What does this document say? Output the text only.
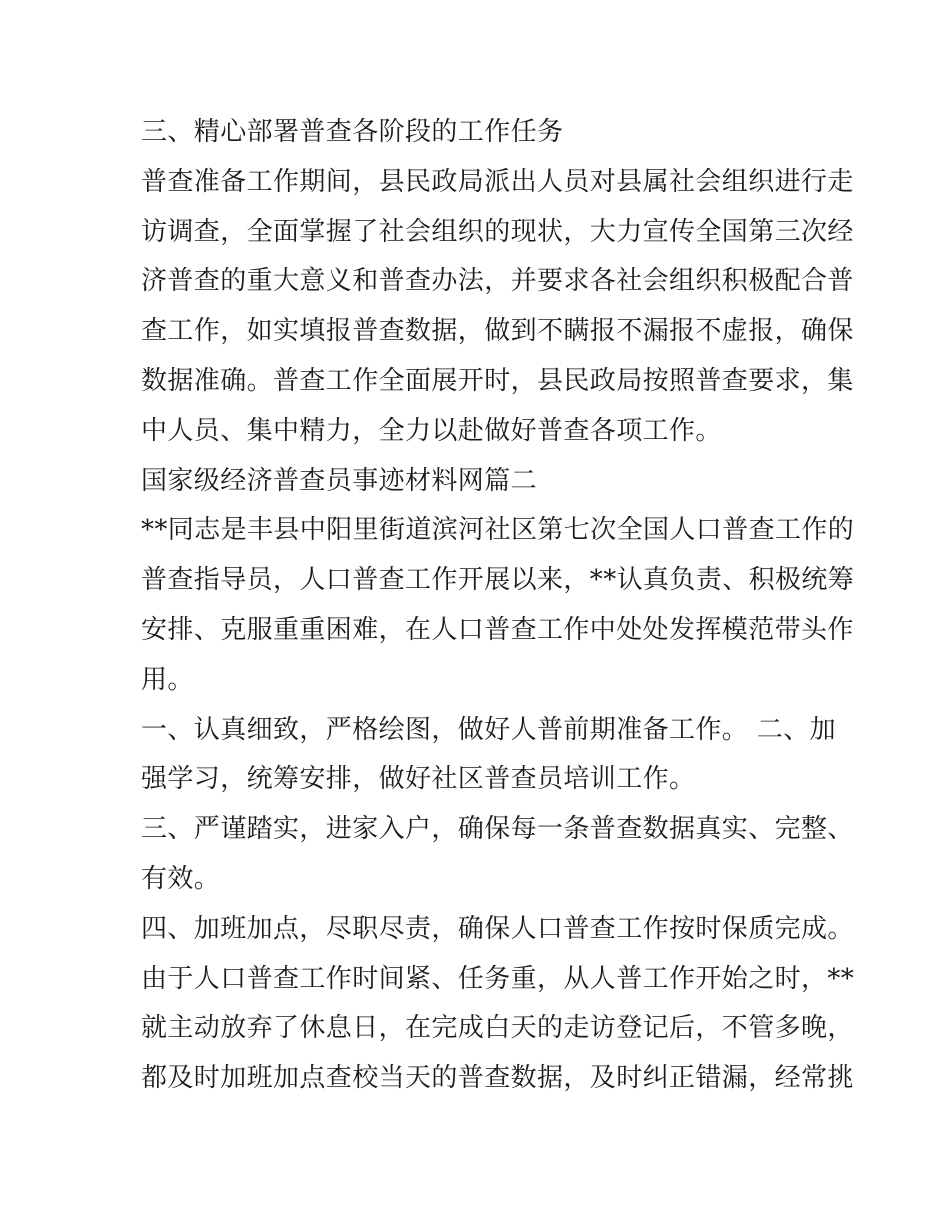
三、精心部署普查各阶段的工作任务
普查准备工作期间，县民政局派出人员对县属社会组织进行走
访调查，全面掌握了社会组织的现状，大力宣传全国第三次经
济普查的重大意义和普查办法，并要求各社会组织积极配合普
查工作，如实填报普查数据，做到不瞒报不漏报不虚报，确保
数据准确。普查工作全面展开时，县民政局按照普查要求，集
中人员、集中精力，全力以赴做好普查各项工作。
国家级经济普查员事迹材料网篇二
**同志是丰县中阳里街道滨河社区第七次全国人口普查工作的
普查指导员，人口普查工作开展以来，**认真负责、积极统筹
安排、克服重重困难，在人口普查工作中处处发挥模范带头作
用。
一、认真细致，严格绘图，做好人普前期准备工作。 二、加
强学习，统筹安排，做好社区普查员培训工作。
三、严谨踏实，进家入户，确保每一条普查数据真实、完整、
有效。
四、加班加点，尽职尽责，确保人口普查工作按时保质完成。
由于人口普查工作时间紧、任务重，从人普工作开始之时，**
就主动放弃了休息日，在完成白天的走访登记后，不管多晚，
都及时加班加点查校当天的普查数据，及时纠正错漏，经常挑
